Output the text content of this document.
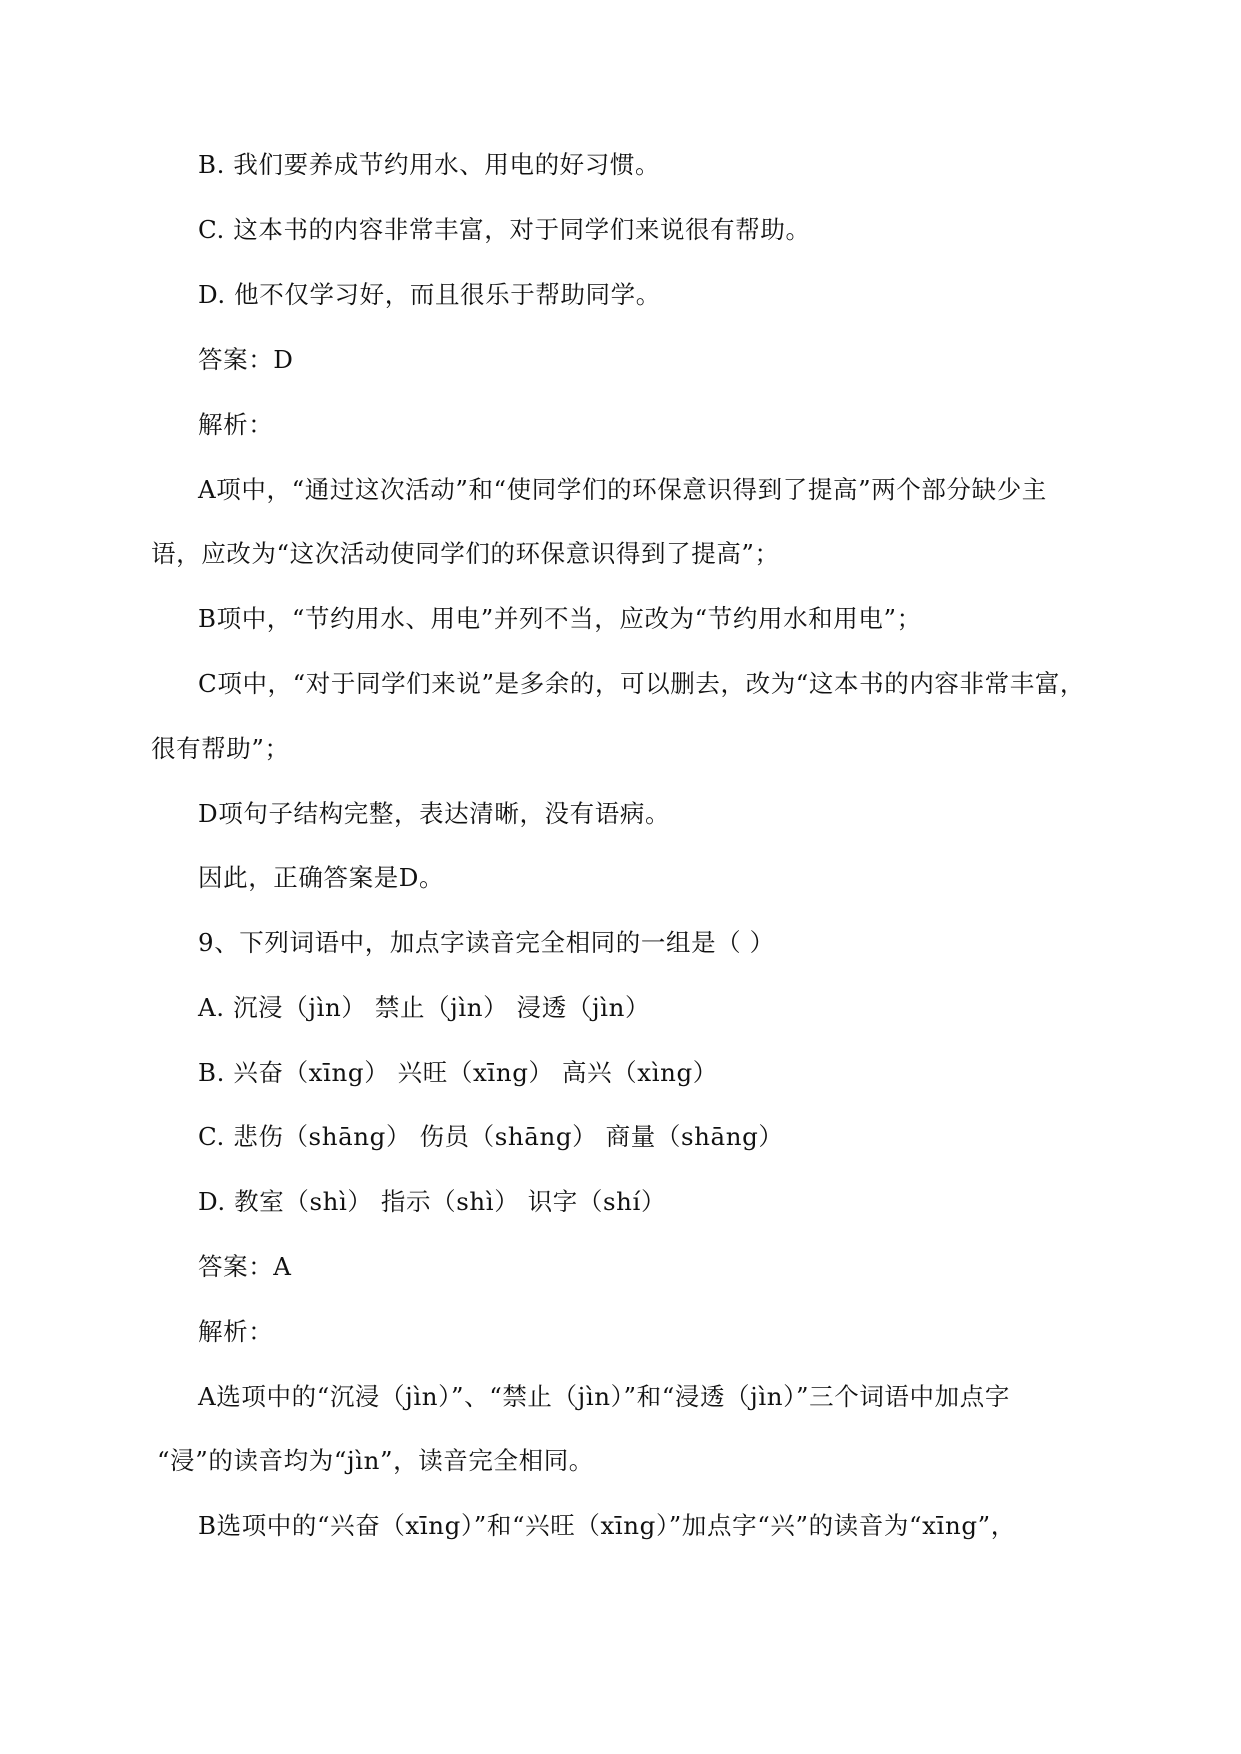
B. 我们要养成节约用水、用电的好习惯。
C. 这本书的内容非常丰富，对于同学们来说很有帮助。
D. 他不仅学习好，而且很乐于帮助同学。
答案：D
解析：
A项中，“通过这次活动”和“使同学们的环保意识得到了提高”两个部分缺少主
语，应改为“这次活动使同学们的环保意识得到了提高”；
B项中，“节约用水、用电”并列不当，应改为“节约用水和用电”；
C项中，“对于同学们来说”是多余的，可以删去，改为“这本书的内容非常丰富，
很有帮助”；
D项句子结构完整，表达清晰，没有语病。
因此，正确答案是D。
9、下列词语中，加点字读音完全相同的一组是（ ）
A. 沉浸（jìn） 禁止（jìn） 浸透（jìn）
B. 兴奋（xīng） 兴旺（xīng） 高兴（xìng）
C. 悲伤（shāng） 伤员（shāng） 商量（shāng）
D. 教室（shì） 指示（shì） 识字（shí）
答案：A
解析：
A选项中的“沉浸（jìn）”、“禁止（jìn）”和“浸透（jìn）”三个词语中加点字
“浸”的读音均为“jìn”，读音完全相同。
B选项中的“兴奋（xīng）”和“兴旺（xīng）”加点字“兴”的读音为“xīng”，
